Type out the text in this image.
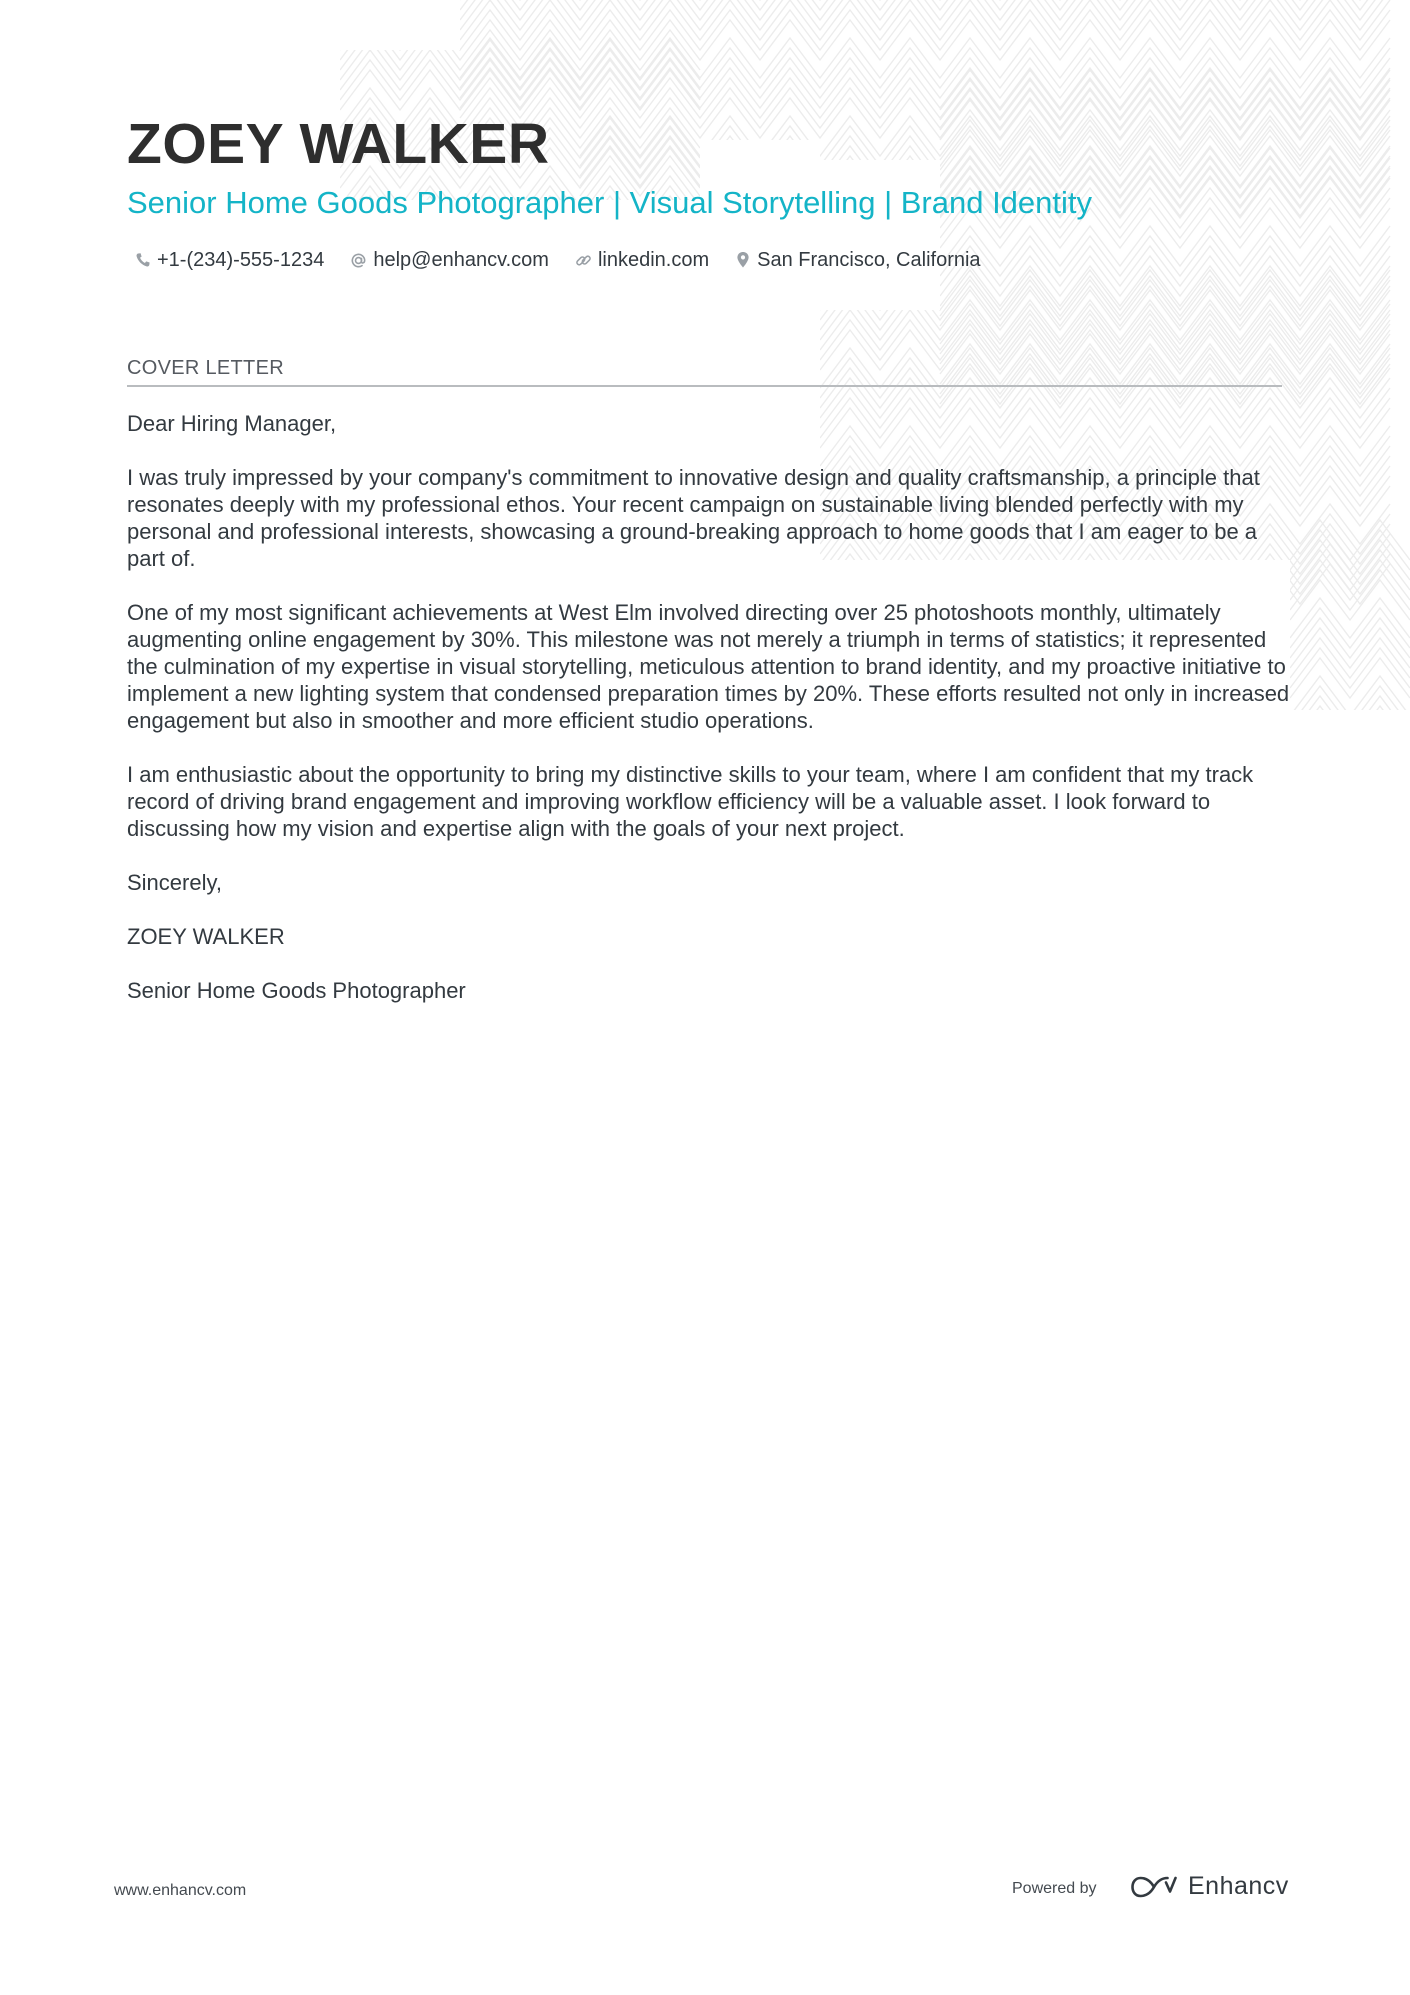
ZOEY WALKER
Senior Home Goods Photographer | Visual Storytelling | Brand Identity
+1-(234)-555-1234 help@enhancv.com linkedin.com San Francisco, California
COVER LETTER

Dear Hiring Manager,

I was truly impressed by your company's commitment to innovative design and quality craftsmanship, a principle that resonates deeply with my professional ethos. Your recent campaign on sustainable living blended perfectly with my personal and professional interests, showcasing a ground-breaking approach to home goods that I am eager to be a part of.

One of my most significant achievements at West Elm involved directing over 25 photoshoots monthly, ultimately augmenting online engagement by 30%. This milestone was not merely a triumph in terms of statistics; it represented the culmination of my expertise in visual storytelling, meticulous attention to brand identity, and my proactive initiative to implement a new lighting system that condensed preparation times by 20%. These efforts resulted not only in increased engagement but also in smoother and more efficient studio operations.

I am enthusiastic about the opportunity to bring my distinctive skills to your team, where I am confident that my track record of driving brand engagement and improving workflow efficiency will be a valuable asset. I look forward to discussing how my vision and expertise align with the goals of your next project.

Sincerely,

ZOEY WALKER

Senior Home Goods Photographer

www.enhancv.com	Powered by	Enhancv
